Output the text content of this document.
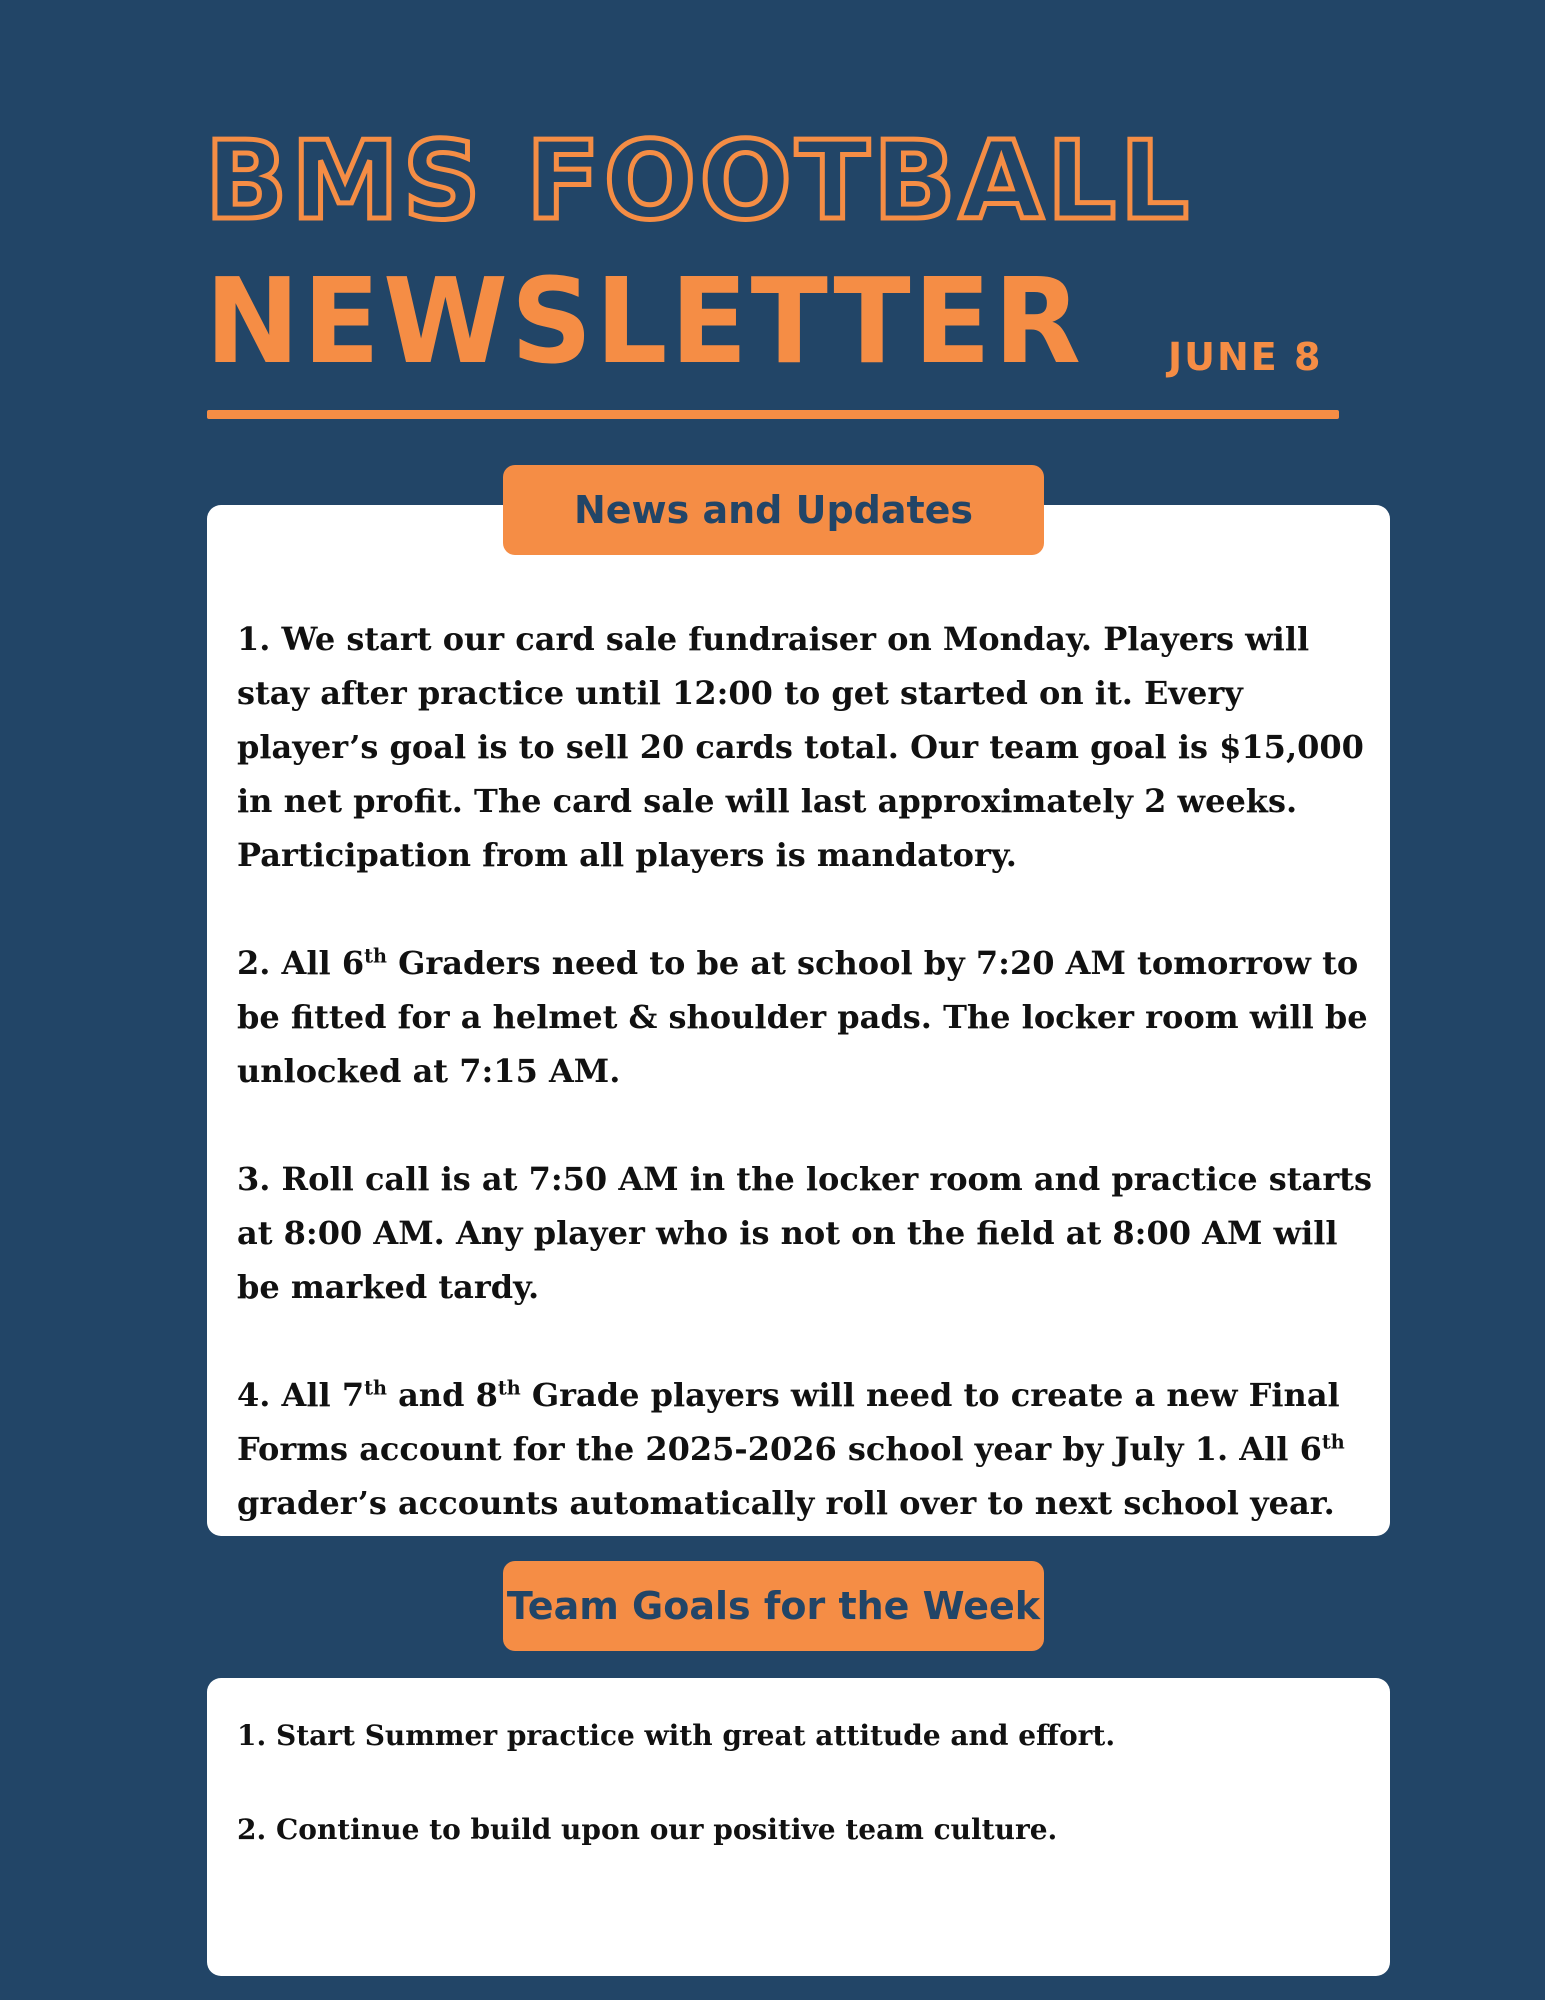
BMS FOOTBALL
NEWSLETTER JUNE 8
News and Updates

1. We start our card sale fundraiser on Monday. Players will stay after practice until 12:00 to get started on it. Every player’s goal is to sell 20 cards total. Our team goal is $15,000 in net profit. The card sale will last approximately 2 weeks. Participation from all players is mandatory.

2. All 6th Graders need to be at school by 7:20 AM tomorrow to be fitted for a helmet & shoulder pads. The locker room will be unlocked at 7:15 AM.

3. Roll call is at 7:50 AM in the locker room and practice starts at 8:00 AM. Any player who is not on the field at 8:00 AM will be marked tardy.

4. All 7th and 8th Grade players will need to create a new Final Forms account for the 2025-2026 school year by July 1. All 6th grader’s accounts automatically roll over to next school year.

Team Goals for the Week

1. Start Summer practice with great attitude and effort.

2. Continue to build upon our positive team culture.
